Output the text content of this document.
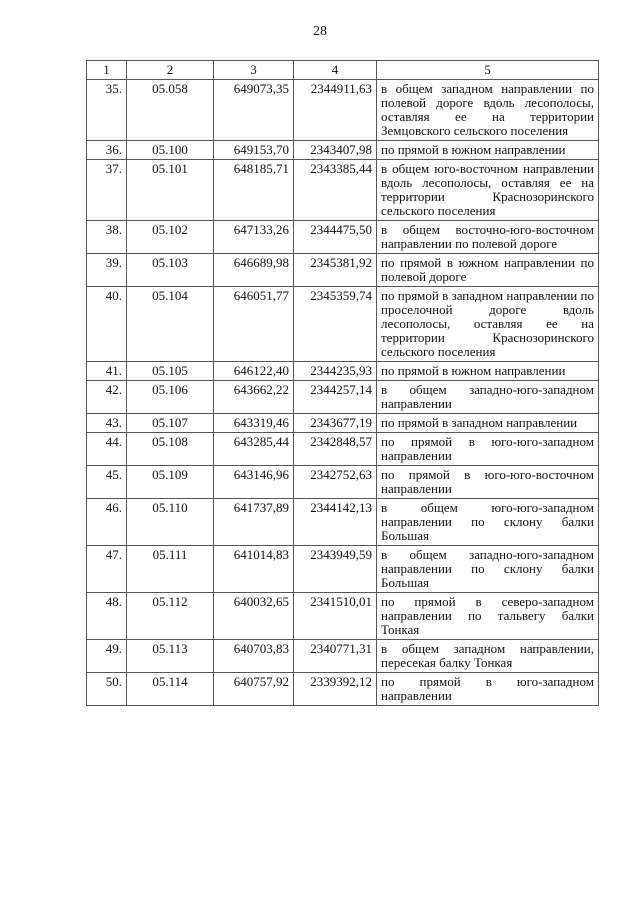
28
1	2	3	4	5
35.	05.058	649073,35	2344911,63	в общем западном направлении по полевой дороге вдоль лесополосы, оставляя ее на территории Земцовского сельского поселения
36.	05.100	649153,70	2343407,98	по прямой в южном направлении
37.	05.101	648185,71	2343385,44	в общем юго-восточном направлении вдоль лесополосы, оставляя ее на территории Краснозоринского сельского поселения
38.	05.102	647133,26	2344475,50	в общем восточно-юго-восточном направлении по полевой дороге
39.	05.103	646689,98	2345381,92	по прямой в южном направлении по полевой дороге
40.	05.104	646051,77	2345359,74	по прямой в западном направлении по проселочной дороге вдоль лесополосы, оставляя ее на территории Краснозоринского сельского поселения
41.	05.105	646122,40	2344235,93	по прямой в южном направлении
42.	05.106	643662,22	2344257,14	в общем западно-юго-западном направлении
43.	05.107	643319,46	2343677,19	по прямой в западном направлении
44.	05.108	643285,44	2342848,57	по прямой в юго-юго-западном направлении
45.	05.109	643146,96	2342752,63	по прямой в юго-юго-восточном направлении
46.	05.110	641737,89	2344142,13	в общем юго-юго-западном направлении по склону балки Большая
47.	05.111	641014,83	2343949,59	в общем западно-юго-западном направлении по склону балки Большая
48.	05.112	640032,65	2341510,01	по прямой в северо-западном направлении по тальвегу балки Тонкая
49.	05.113	640703,83	2340771,31	в общем западном направлении, пересекая балку Тонкая
50.	05.114	640757,92	2339392,12	по прямой в юго-западном направлении
